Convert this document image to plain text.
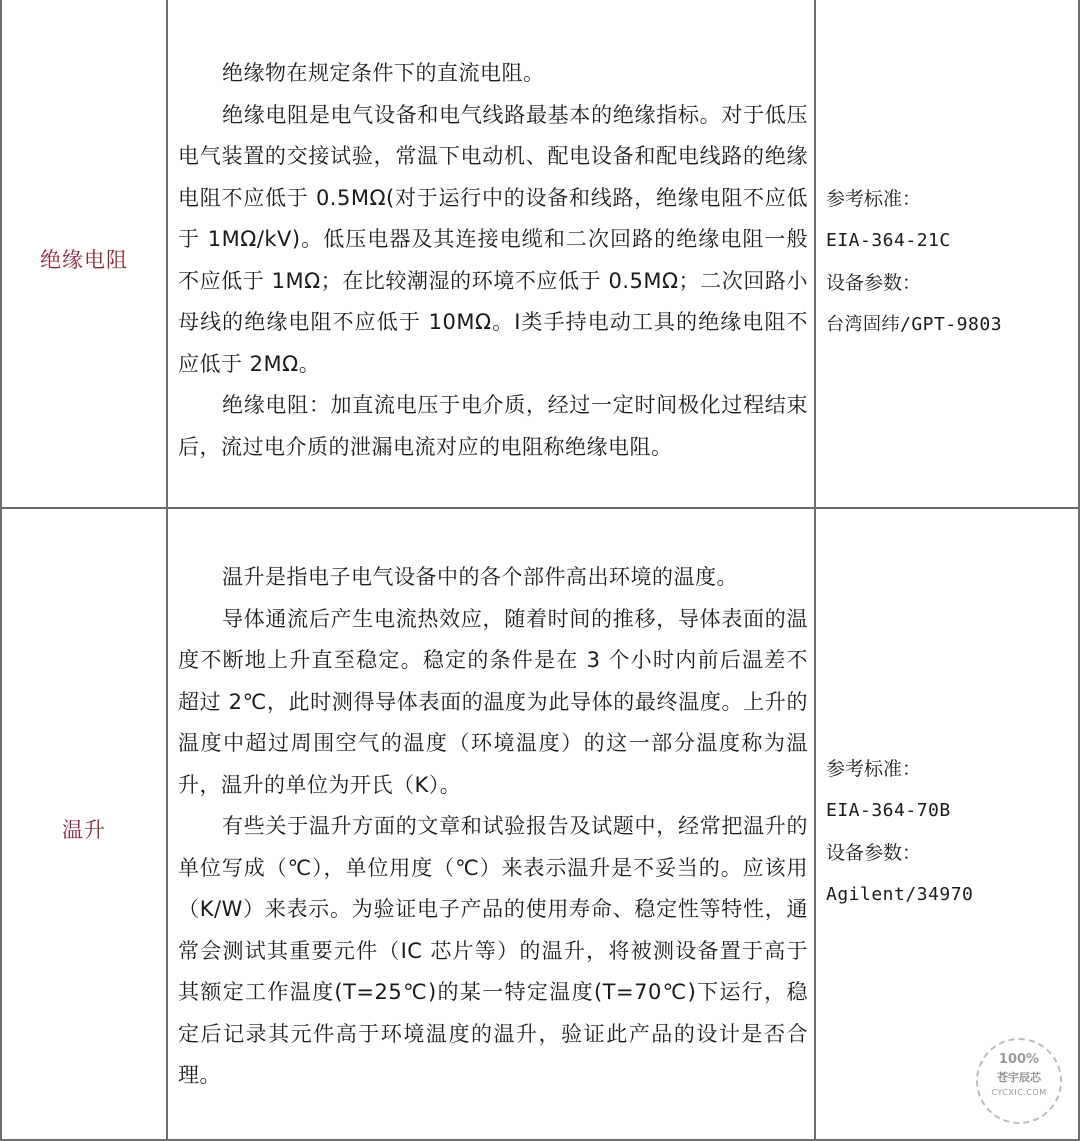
绝缘电阻

绝缘物在规定条件下的直流电阻。

绝缘电阻是电气设备和电气线路最基本的绝缘指标。对于低压电气装置的交接试验，常温下电动机、配电设备和配电线路的绝缘电阻不应低于 0.5MΩ(对于运行中的设备和线路，绝缘电阻不应低于 1MΩ/kV)。低压电器及其连接电缆和二次回路的绝缘电阻一般不应低于 1MΩ；在比较潮湿的环境不应低于 0.5MΩ；二次回路小母线的绝缘电阻不应低于 10MΩ。Ⅰ类手持电动工具的绝缘电阻不应低于 2MΩ。

绝缘电阻：加直流电压于电介质，经过一定时间极化过程结束后，流过电介质的泄漏电流对应的电阻称绝缘电阻。

参考标准：
EIA-364-21C
设备参数：
台湾固纬/GPT-9803
温升

温升是指电子电气设备中的各个部件高出环境的温度。

导体通流后产生电流热效应，随着时间的推移，导体表面的温度不断地上升直至稳定。稳定的条件是在 3 个小时内前后温差不超过 2℃，此时测得导体表面的温度为此导体的最终温度。上升的温度中超过周围空气的温度（环境温度）的这一部分温度称为温升，温升的单位为开氏（K）。

有些关于温升方面的文章和试验报告及试题中，经常把温升的单位写成（℃），单位用度（℃）来表示温升是不妥当的。应该用（K/W）来表示。为验证电子产品的使用寿命、稳定性等特性，通常会测试其重要元件（IC 芯片等）的温升，将被测设备置于高于其额定工作温度(T=25℃)的某一特定温度(T=70℃)下运行，稳定后记录其元件高于环境温度的温升，验证此产品的设计是否合理。

参考标准：
EIA-364-70B
设备参数：
Agilent/34970
100%
苍宇辰芯
CYCXIC.COM
